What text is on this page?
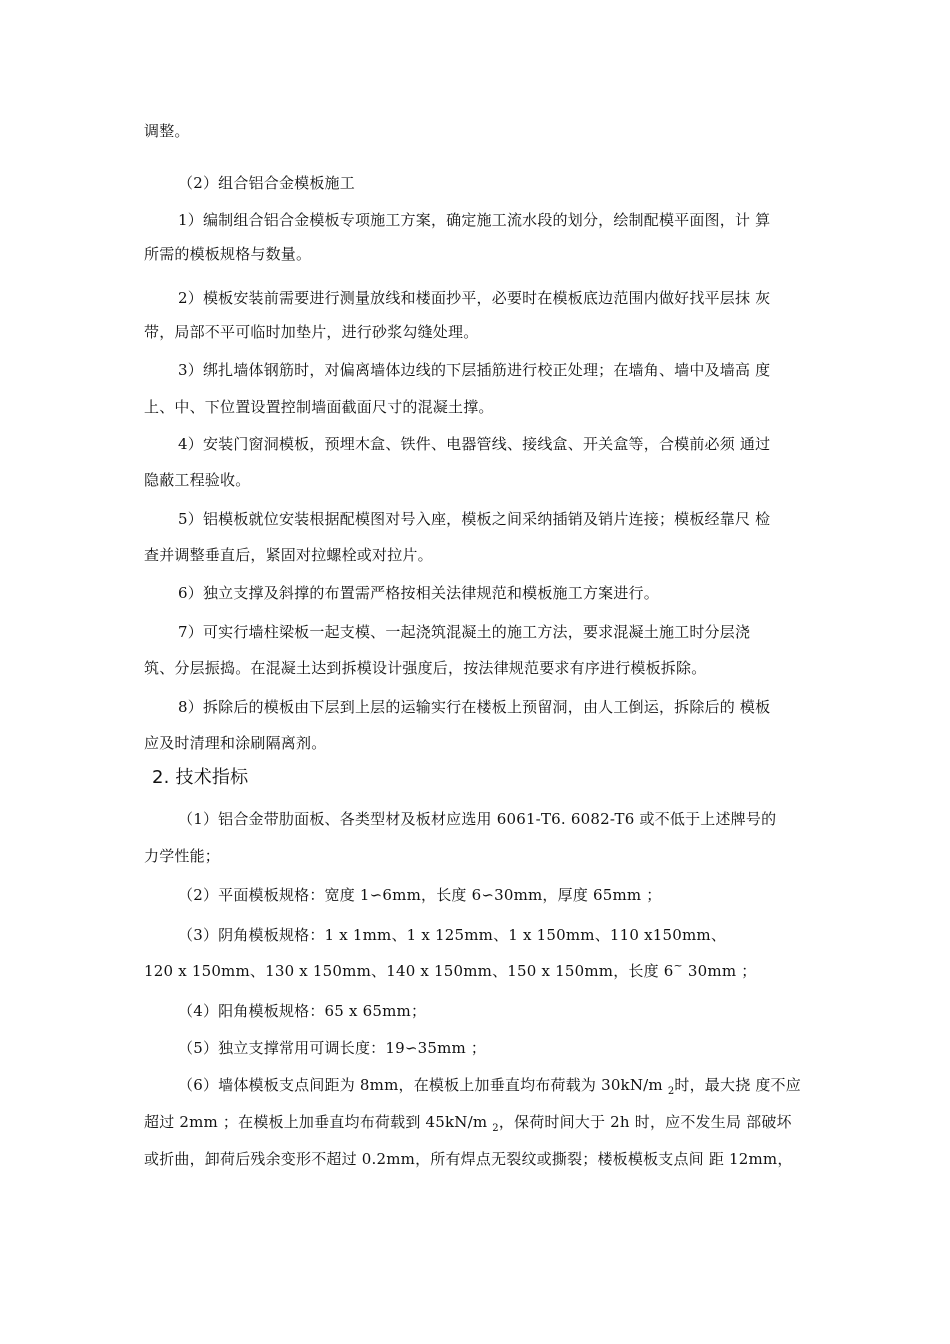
调整。
（2）组合铝合金模板施工
1）编制组合铝合金模板专项施工方案，确定施工流水段的划分，绘制配模平面图，计 算
所需的模板规格与数量。
2）模板安装前需要进行测量放线和楼面抄平，必要时在模板底边范围内做好找平层抹 灰
带，局部不平可临时加垫片，进行砂浆勾缝处理。
3）绑扎墙体钢筋时，对偏离墙体边线的下层插筋进行校正处理；在墙角、墙中及墙高 度
上、中、下位置设置控制墙面截面尺寸的混凝土撑。
4）安装门窗洞模板，预埋木盒、铁件、电器管线、接线盒、开关盒等，合模前必须 通过
隐蔽工程验收。
5）铝模板就位安装根据配模图对号入座，模板之间采纳插销及销片连接；模板经靠尺 检
查并调整垂直后，紧固对拉螺栓或对拉片。
6）独立支撑及斜撑的布置需严格按相关法律规范和模板施工方案进行。
7）可实行墙柱梁板一起支模、一起浇筑混凝土的施工方法，要求混凝土施工时分层浇
筑、分层振捣。在混凝土达到拆模设计强度后，按法律规范要求有序进行模板拆除。
8）拆除后的模板由下层到上层的运输实行在楼板上预留洞，由人工倒运，拆除后的 模板
应及时清理和涂刷隔离剂。
2. 技术指标
（1）铝合金带肋面板、各类型材及板材应选用 6061-T6. 6082-T6 或不低于上述牌号的
力学性能；
（2）平面模板规格：宽度 1∽6mm，长度 6∽30mm，厚度 65mm ；
（3）阴角模板规格：1 x 1mm、1 x 125mm、1 x 150mm、110 x150mm、
120 x 150mm、130 x 150mm、140 x 150mm、150 x 150mm，长度 6~ 30mm ；
（4）阳角模板规格：65 x 65mm；
（5）独立支撑常用可调长度：19∽35mm ；
（6）墙体模板支点间距为 8mm，在模板上加垂直均布荷载为 30kN/m $_2$时，最大挠 度不应
超过 2mm ；在模板上加垂直均布荷载到 45kN/m $_2$，保荷时间大于 2h 时，应不发生局 部破坏
或折曲，卸荷后残余变形不超过 0.2mm，所有焊点无裂纹或撕裂；楼板模板支点间 距 12mm，
